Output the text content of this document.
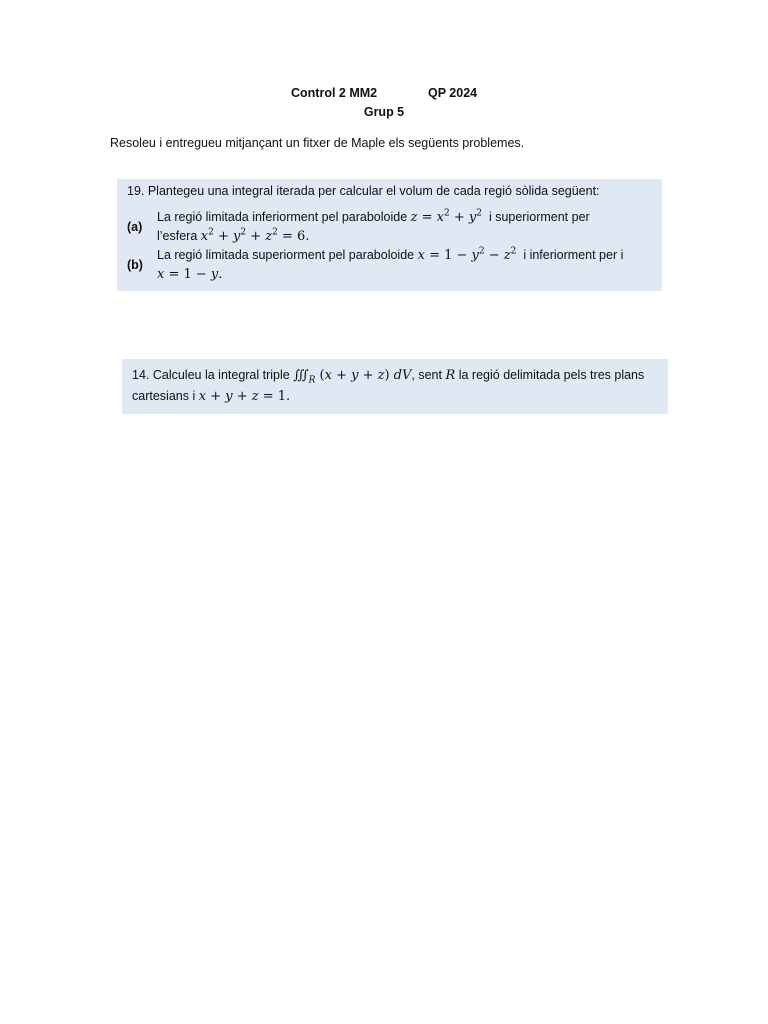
Control 2 MM2	QP 2024
Grup 5
Resoleu i entregueu mitjançant un fitxer de Maple els següents problemes.
19. Plantegeu una integral iterada per calcular el volum de cada regió sòlida següent:
(a)
La regió limitada inferiorment pel paraboloide $z = x^2 + y^2$ i superiorment per
l’esfera $x^2 + y^2 + z^2 = 6$.
(b)
La regió limitada superiorment pel paraboloide $x = 1 - y^2 - z^2$ i inferiorment per i
x = 1 − y.
14. Calculeu la integral triple $∭_R$ (x + y + z) dV, sent R la regió delimitada pels tres plans
cartesians i x + y + z = 1.
